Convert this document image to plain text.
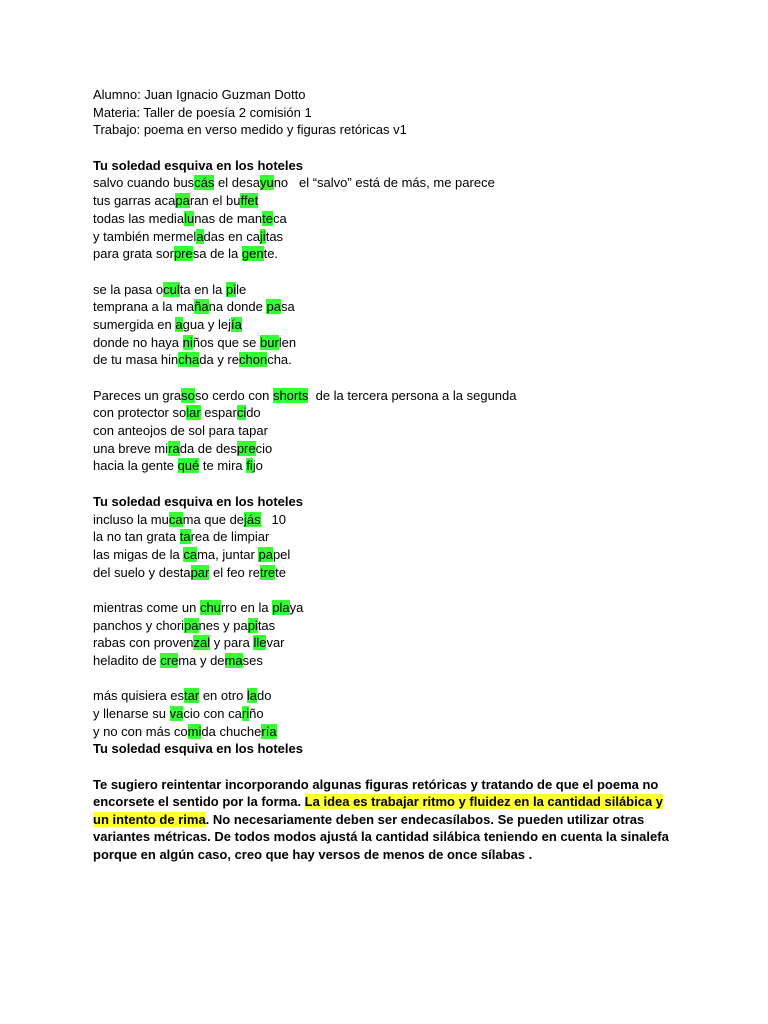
Alumno: Juan Ignacio Guzman Dotto
Materia: Taller de poesía 2 comisión 1
Trabajo: poema en verso medido y figuras retóricas v1
Tu soledad esquiva en los hoteles
salvo cuando buscás el desayuno   el “salvo” está de más, me parece
tus garras acaparan el buffet
todas las medialunas de manteca
y también mermeladas en cajitas
para grata sorpresa de la gente.
se la pasa oculta en la pile
temprana a la mañana donde pasa
sumergida en agua y lejía
donde no haya niños que se burlen
de tu masa hinchada y rechoncha.
Pareces un grasoso cerdo con shorts  de la tercera persona a la segunda
con protector solar esparcido
con anteojos de sol para tapar
una breve mirada de desprecio
hacia la gente qué te mira fijo
Tu soledad esquiva en los hoteles
incluso la mucama que dejás   10
la no tan grata tarea de limpiar
las migas de la cama, juntar papel
del suelo y destapar el feo retrete
mientras come un churro en la playa
panchos y choripanes y papitas
rabas con provenzal y para llevar
heladito de crema y demases
más quisiera estar en otro lado
y llenarse su vacio con cariño
y no con más comida chuchería
Tu soledad esquiva en los hoteles
Te sugiero reintentar incorporando algunas figuras retóricas y tratando de que el poema no encorsete el sentido por la forma. La idea es trabajar ritmo y fluidez en la cantidad silábica y un intento de rima. No necesariamente deben ser endecasílabos. Se pueden utilizar otras variantes métricas. De todos modos ajustá la cantidad silábica teniendo en cuenta la sinalefa porque en algún caso, creo que hay versos de menos de once sílabas .
